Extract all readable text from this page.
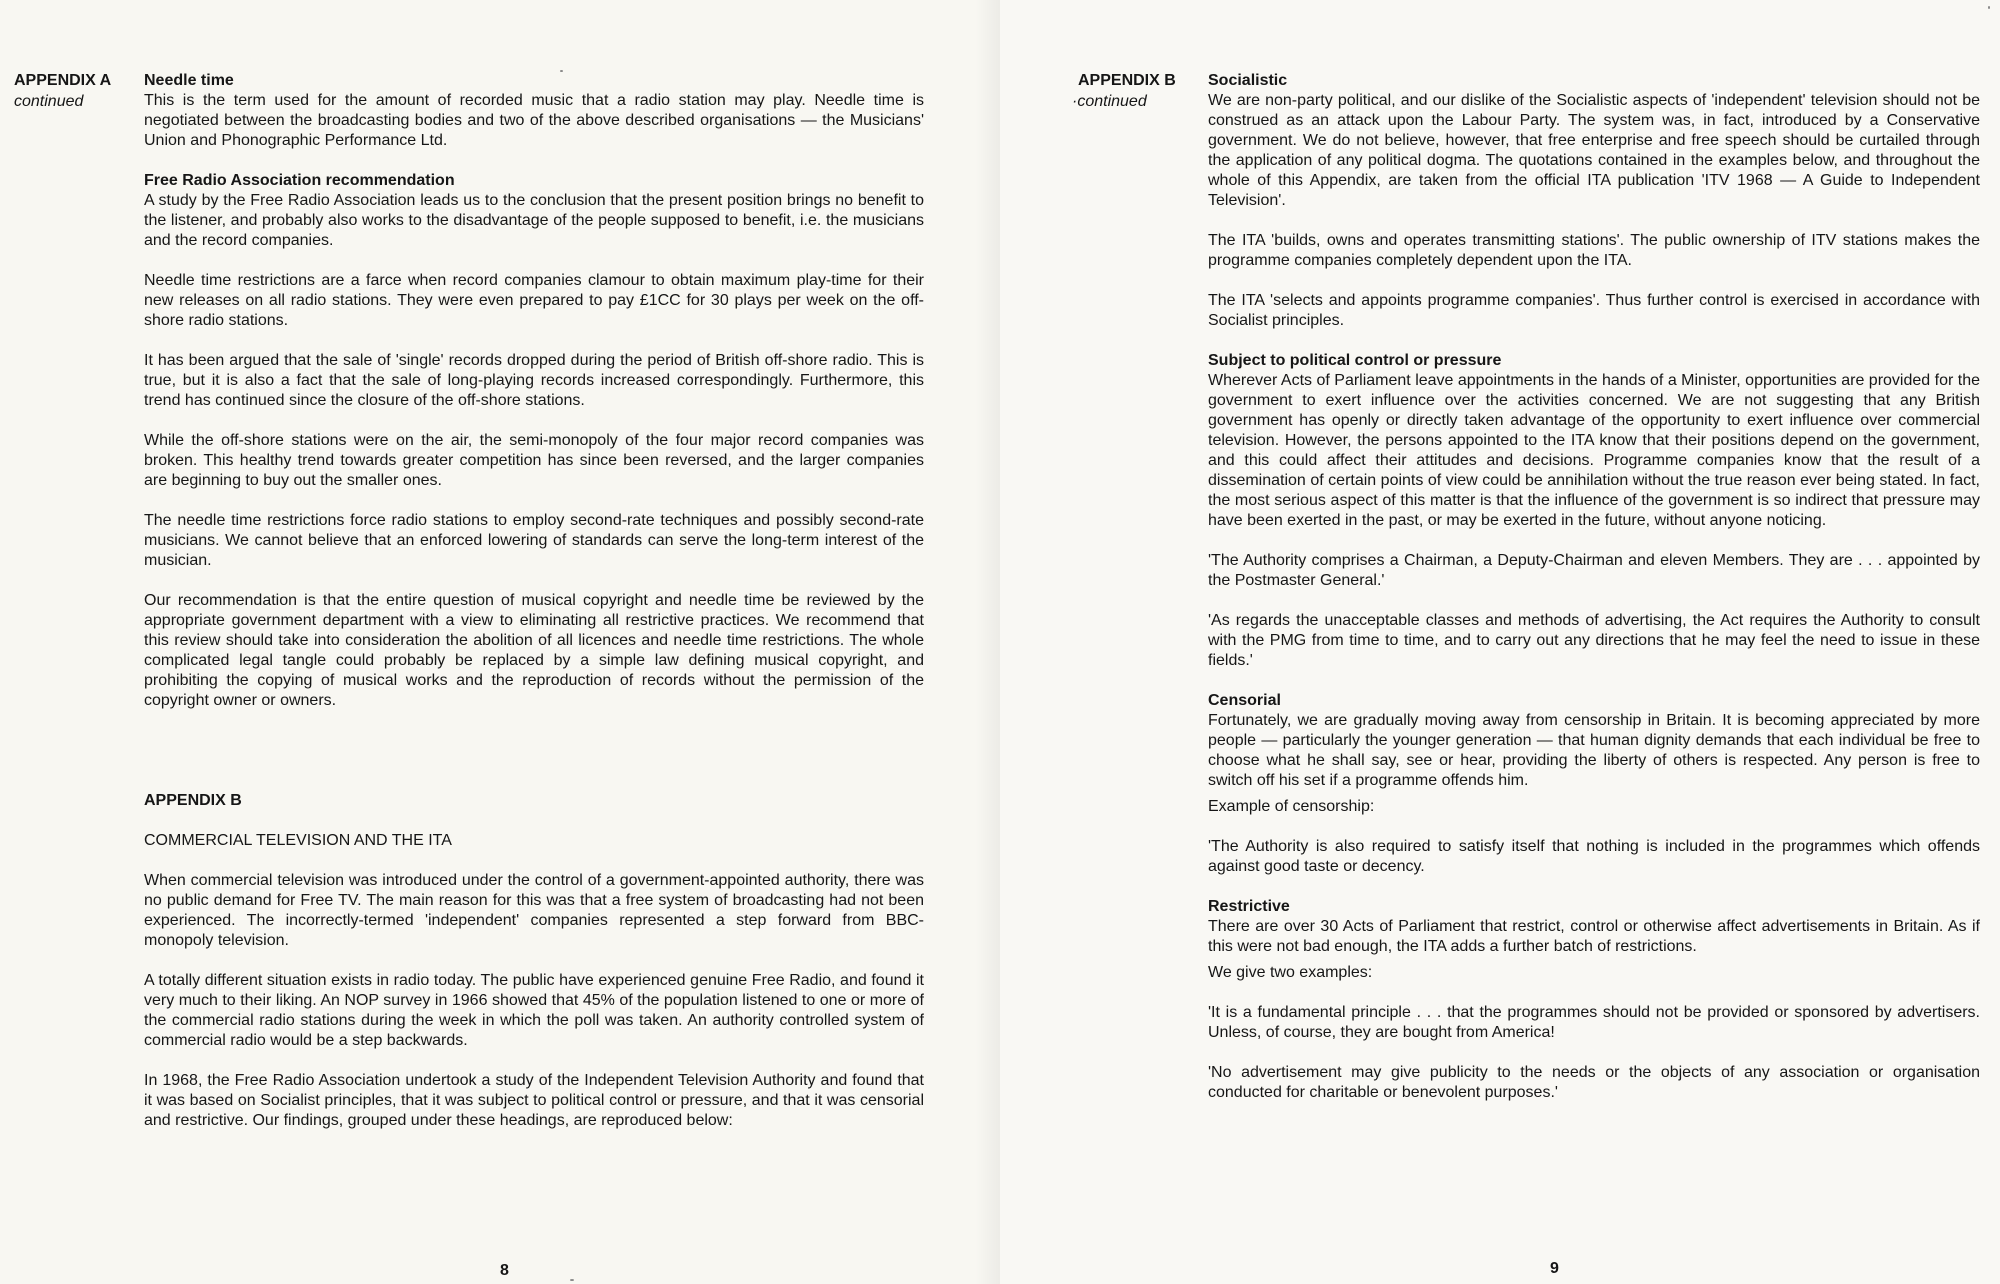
APPENDIX A
continued

Needle time

This is the term used for the amount of recorded music that a radio station may play. Needle time is negotiated between the broadcasting bodies and two of the above described organisations — the Musicians' Union and Phonographic Performance Ltd.

Free Radio Association recommendation

A study by the Free Radio Association leads us to the conclusion that the present position brings no benefit to the listener, and probably also works to the disadvantage of the people supposed to benefit, i.e. the musicians and the record companies.

Needle time restrictions are a farce when record companies clamour to obtain maximum play-time for their new releases on all radio stations. They were even prepared to pay £1CC for 30 plays per week on the off-shore radio stations.

It has been argued that the sale of 'single' records dropped during the period of British off-shore radio. This is true, but it is also a fact that the sale of long-playing records increased correspondingly. Furthermore, this trend has continued since the closure of the off-shore stations.

While the off-shore stations were on the air, the semi-monopoly of the four major record companies was broken. This healthy trend towards greater competition has since been reversed, and the larger companies are beginning to buy out the smaller ones.

The needle time restrictions force radio stations to employ second-rate techniques and possibly second-rate musicians. We cannot believe that an enforced lowering of standards can serve the long-term interest of the musician.

Our recommendation is that the entire question of musical copyright and needle time be reviewed by the appropriate government department with a view to eliminating all restrictive practices. We recommend that this review should take into consideration the abolition of all licences and needle time restrictions. The whole complicated legal tangle could probably be replaced by a simple law defining musical copyright, and prohibiting the copying of musical works and the reproduction of records without the permission of the copyright owner or owners.

APPENDIX B

COMMERCIAL TELEVISION AND THE ITA

When commercial television was introduced under the control of a government-appointed authority, there was no public demand for Free TV. The main reason for this was that a free system of broadcasting had not been experienced. The incorrectly-termed 'independent' companies represented a step forward from BBC-monopoly television.

A totally different situation exists in radio today. The public have experienced genuine Free Radio, and found it very much to their liking. An NOP survey in 1966 showed that 45% of the population listened to one or more of the commercial radio stations during the week in which the poll was taken. An authority controlled system of commercial radio would be a step backwards.

In 1968, the Free Radio Association undertook a study of the Independent Television Authority and found that it was based on Socialist principles, that it was subject to political control or pressure, and that it was censorial and restrictive. Our findings, grouped under these headings, are reproduced below:

8
APPENDIX B
·continued

Socialistic

We are non-party political, and our dislike of the Socialistic aspects of 'independent' television should not be construed as an attack upon the Labour Party. The system was, in fact, introduced by a Conservative government. We do not believe, however, that free enterprise and free speech should be curtailed through the application of any political dogma. The quotations contained in the examples below, and throughout the whole of this Appendix, are taken from the official ITA publication 'ITV 1968 — A Guide to Independent Television'.

The ITA 'builds, owns and operates transmitting stations'. The public ownership of ITV stations makes the programme companies completely dependent upon the ITA.

The ITA 'selects and appoints programme companies'. Thus further control is exercised in accordance with Socialist principles.

Subject to political control or pressure

Wherever Acts of Parliament leave appointments in the hands of a Minister, opportunities are provided for the government to exert influence over the activities concerned. We are not suggesting that any British government has openly or directly taken advantage of the opportunity to exert influence over commercial television. However, the persons appointed to the ITA know that their positions depend on the government, and this could affect their attitudes and decisions. Programme companies know that the result of a dissemination of certain points of view could be annihilation without the true reason ever being stated. In fact, the most serious aspect of this matter is that the influence of the government is so indirect that pressure may have been exerted in the past, or may be exerted in the future, without anyone noticing.

'The Authority comprises a Chairman, a Deputy-Chairman and eleven Members. They are . . . appointed by the Postmaster General.'

'As regards the unacceptable classes and methods of advertising, the Act requires the Authority to consult with the PMG from time to time, and to carry out any directions that he may feel the need to issue in these fields.'

Censorial

Fortunately, we are gradually moving away from censorship in Britain. It is becoming appreciated by more people — particularly the younger generation — that human dignity demands that each individual be free to choose what he shall say, see or hear, providing the liberty of others is respected. Any person is free to switch off his set if a programme offends him.

Example of censorship:

'The Authority is also required to satisfy itself that nothing is included in the programmes which offends against good taste or decency.

Restrictive

There are over 30 Acts of Parliament that restrict, control or otherwise affect advertisements in Britain. As if this were not bad enough, the ITA adds a further batch of restrictions.

We give two examples:

'It is a fundamental principle . . . that the programmes should not be provided or sponsored by advertisers. Unless, of course, they are bought from America!

'No advertisement may give publicity to the needs or the objects of any association or organisation conducted for charitable or benevolent purposes.'

9
